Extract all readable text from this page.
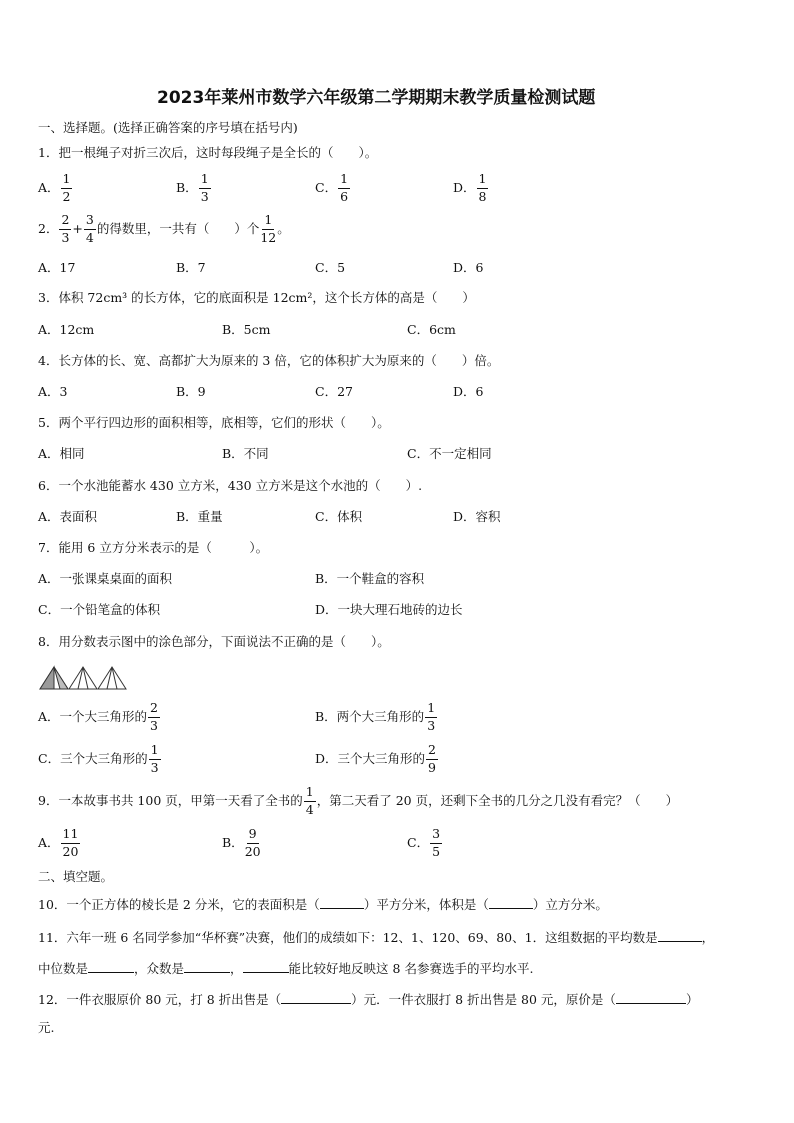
2023年莱州市数学六年级第二学期期末教学质量检测试题
一、选择题。(选择正确答案的序号填在括号内)
1．把一根绳子对折三次后，这时每段绳子是全长的（　　）。
A． $\frac{1}{2}$	B． $\frac{1}{3}$	C． $\frac{1}{6}$	D． $\frac{1}{8}$
2． $\frac{2}{3} + \frac{3}{4}$ 的得数里，一共有（　　）个 $\frac{1}{12}$ 。
A．17	B．7	C．5	D．6
3．体积 72cm³ 的长方体，它的底面积是 12cm²，这个长方体的高是（　　）
A．12cm	B．5cm	C．6cm
4．长方体的长、宽、高都扩大为原来的 3 倍，它的体积扩大为原来的（　　）倍。
A．3	B．9	C．27	D．6
5．两个平行四边形的面积相等，底相等，它们的形状（　　）。
A．相同	B．不同	C．不一定相同
6．一个水池能蓄水 430 立方米，430 立方米是这个水池的（　　）.
A．表面积	B．重量	C．体积	D．容积
7．能用 6 立方分米表示的是（　　　）。
A．一张课桌桌面的面积	B．一个鞋盒的容积
C．一个铅笔盒的体积	D．一块大理石地砖的边长
8．用分数表示图中的涂色部分，下面说法不正确的是（　　）。
A．一个大三角形的 $\frac{2}{3}$	B．两个大三角形的 $\frac{1}{3}$
C．三个大三角形的 $\frac{1}{3}$	D．三个大三角形的 $\frac{2}{9}$
9．一本故事书共 100 页，甲第一天看了全书的 $\frac{1}{4}$ ，第二天看了 20 页，还剩下全书的几分之几没有看完？（　　）
A． $\frac{11}{20}$	B． $\frac{9}{20}$	C． $\frac{3}{5}$
二、填空题。
10．一个正方体的棱长是 2 分米，它的表面积是（	）平方分米，体积是（	）立方分米。
11．六年一班 6 名同学参加“华杯赛”决赛，他们的成绩如下：12、1、120、69、80、1．这组数据的平均数是	，
中位数是	，众数是	，	能比较好地反映这 8 名参赛选手的平均水平.
12．一件衣服原价 80 元，打 8 折出售是（	）元．一件衣服打 8 折出售是 80 元，原价是（	）
元.
